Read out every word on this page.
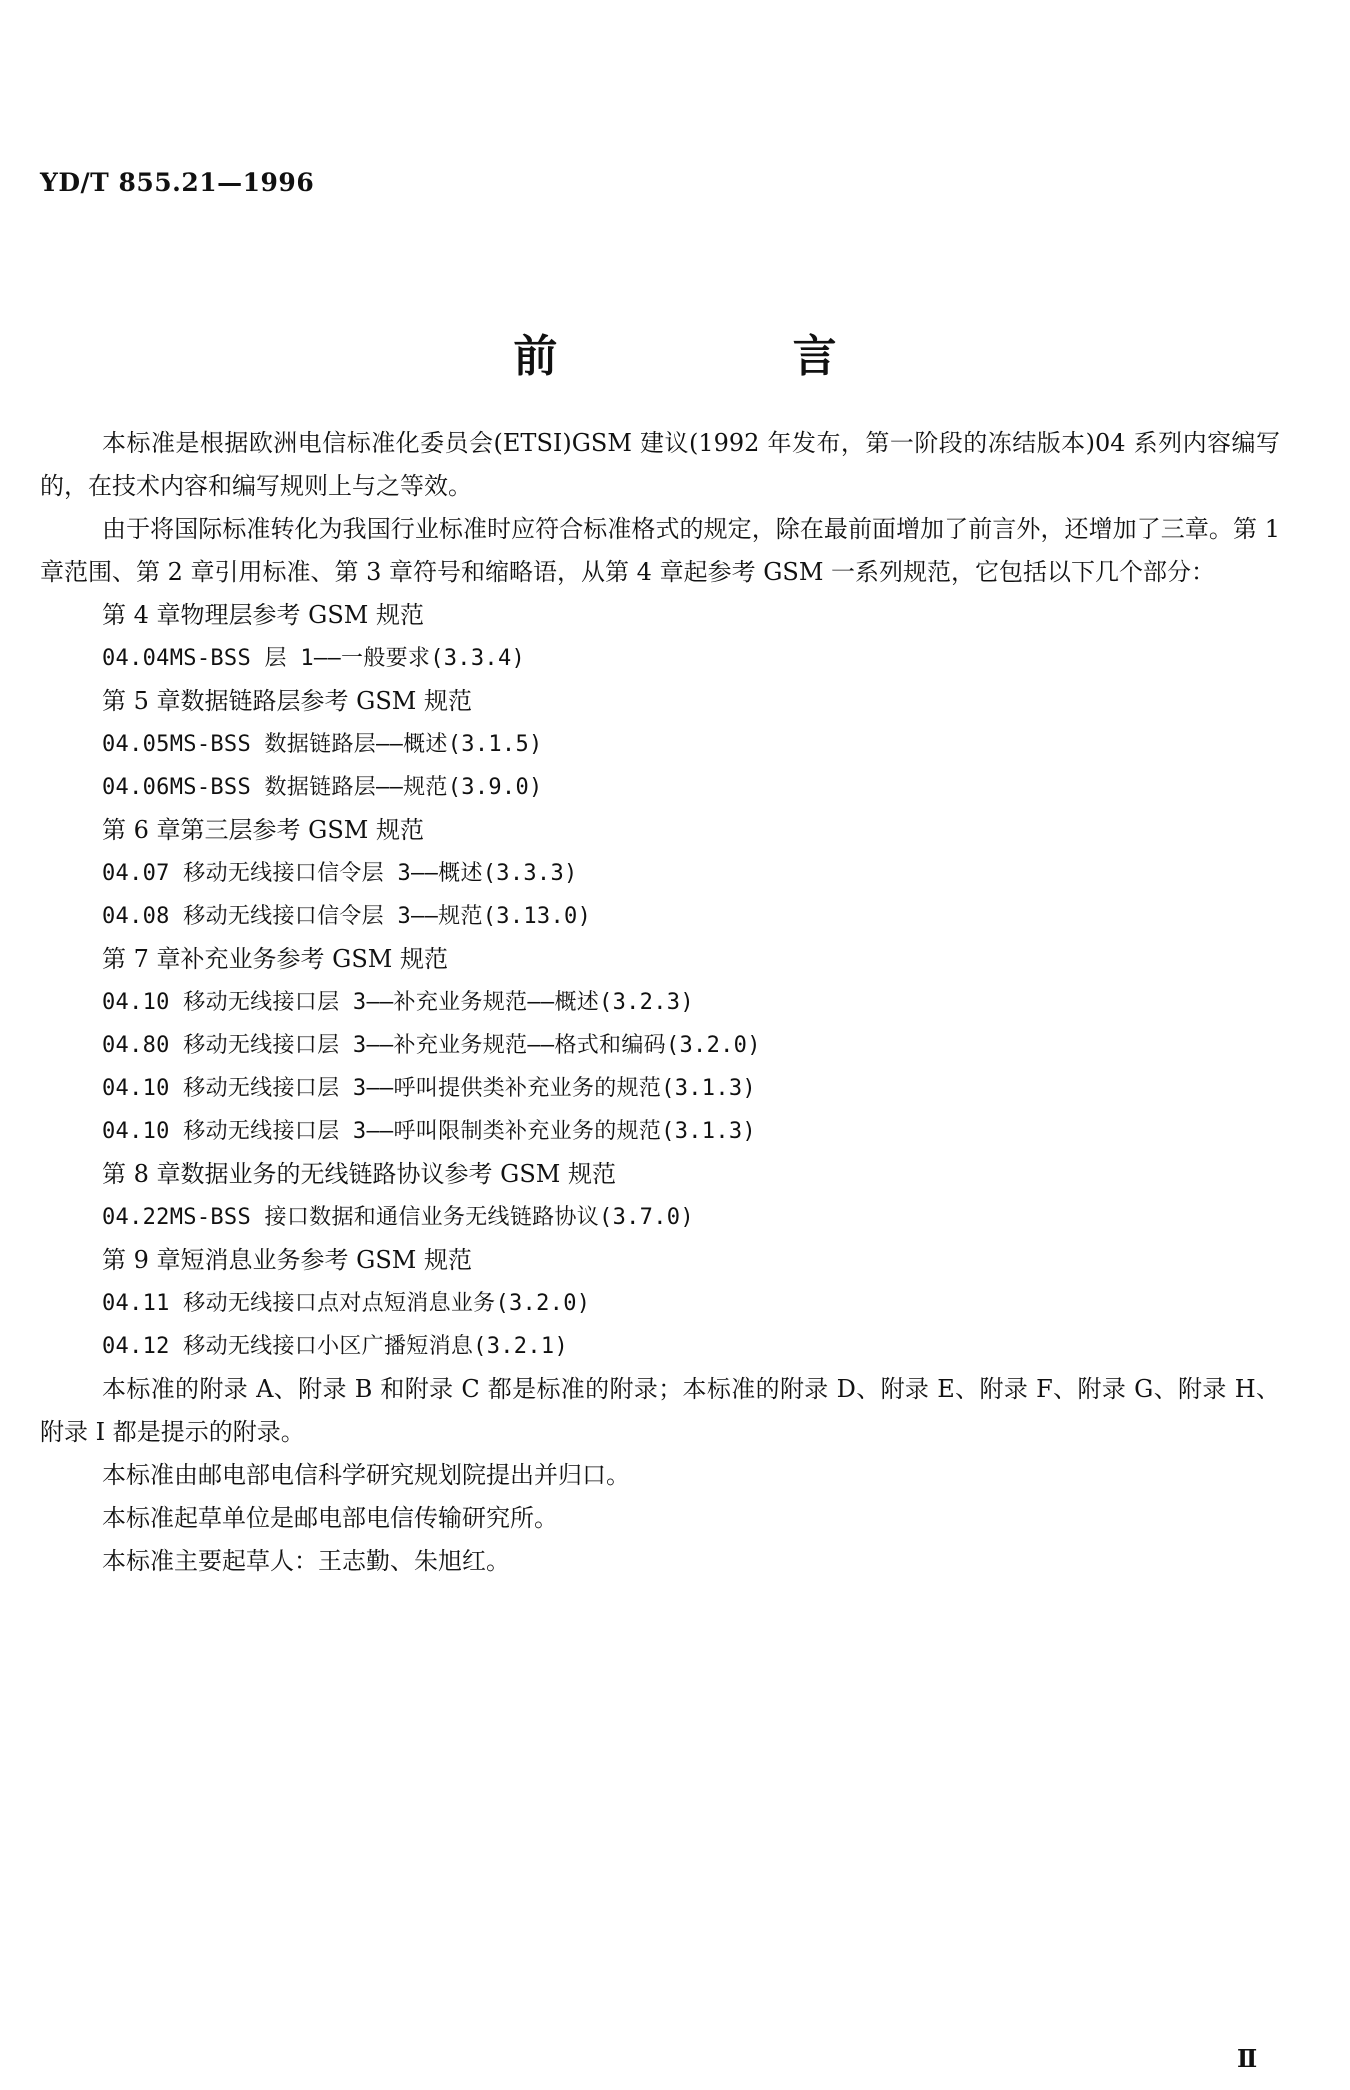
YD/T 855.21—1996
前 言

本标准是根据欧洲电信标准化委员会(ETSI)GSM 建议(1992 年发布，第一阶段的冻结版本)04 系列内容编写的，在技术内容和编写规则上与之等效。

由于将国际标准转化为我国行业标准时应符合标准格式的规定，除在最前面增加了前言外，还增加了三章。第 1 章范围、第 2 章引用标准、第 3 章符号和缩略语，从第 4 章起参考 GSM 一系列规范，它包括以下几个部分：

第 4 章物理层参考 GSM 规范
04.04MS-BSS 层 1——一般要求(3.3.4)
第 5 章数据链路层参考 GSM 规范
04.05MS-BSS 数据链路层——概述(3.1.5)
04.06MS-BSS 数据链路层——规范(3.9.0)
第 6 章第三层参考 GSM 规范
04.07 移动无线接口信令层 3——概述(3.3.3)
04.08 移动无线接口信令层 3——规范(3.13.0)
第 7 章补充业务参考 GSM 规范
04.10 移动无线接口层 3——补充业务规范——概述(3.2.3)
04.80 移动无线接口层 3——补充业务规范——格式和编码(3.2.0)
04.10 移动无线接口层 3——呼叫提供类补充业务的规范(3.1.3)
04.10 移动无线接口层 3——呼叫限制类补充业务的规范(3.1.3)
第 8 章数据业务的无线链路协议参考 GSM 规范
04.22MS-BSS 接口数据和通信业务无线链路协议(3.7.0)
第 9 章短消息业务参考 GSM 规范
04.11 移动无线接口点对点短消息业务(3.2.0)
04.12 移动无线接口小区广播短消息(3.2.1)

本标准的附录 A、附录 B 和附录 C 都是标准的附录；本标准的附录 D、附录 E、附录 F、附录 G、附录 H、附录 I 都是提示的附录。

本标准由邮电部电信科学研究规划院提出并归口。

本标准起草单位是邮电部电信传输研究所。

本标准主要起草人：王志勤、朱旭红。

Ⅱ
